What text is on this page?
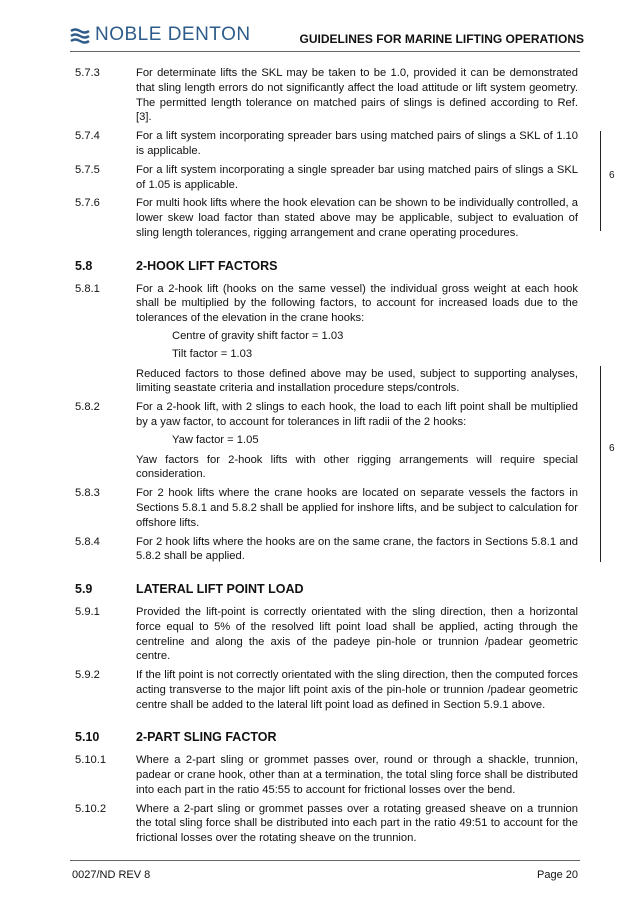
NOBLE DENTON	GUIDELINES FOR MARINE LIFTING OPERATIONS
5.7.3	For determinate lifts the SKL may be taken to be 1.0, provided it can be demonstrated that sling length errors do not significantly affect the load attitude or lift system geometry. The permitted length tolerance on matched pairs of slings is defined according to Ref. [3].
5.7.4	For a lift system incorporating spreader bars using matched pairs of slings a SKL of 1.10 is applicable.
5.7.5	For a lift system incorporating a single spreader bar using matched pairs of slings a SKL of 1.05 is applicable.
5.7.6	For multi hook lifts where the hook elevation can be shown to be individually controlled, a lower skew load factor than stated above may be applicable, subject to evaluation of sling length tolerances, rigging arrangement and crane operating procedures.
5.8	2-HOOK LIFT FACTORS
5.8.1	For a 2-hook lift (hooks on the same vessel) the individual gross weight at each hook shall be multiplied by the following factors, to account for increased loads due to the tolerances of the elevation in the crane hooks:
Centre of gravity shift factor = 1.03
Tilt factor = 1.03
Reduced factors to those defined above may be used, subject to supporting analyses, limiting seastate criteria and installation procedure steps/controls.
5.8.2	For a 2-hook lift, with 2 slings to each hook, the load to each lift point shall be multiplied by a yaw factor, to account for tolerances in lift radii of the 2 hooks:
Yaw factor = 1.05
Yaw factors for 2-hook lifts with other rigging arrangements will require special consideration.
5.8.3	For 2 hook lifts where the crane hooks are located on separate vessels the factors in Sections 5.8.1 and 5.8.2 shall be applied for inshore lifts, and be subject to calculation for offshore lifts.
5.8.4	For 2 hook lifts where the hooks are on the same crane, the factors in Sections 5.8.1 and 5.8.2 shall be applied.
5.9	LATERAL LIFT POINT LOAD
5.9.1	Provided the lift-point is correctly orientated with the sling direction, then a horizontal force equal to 5% of the resolved lift point load shall be applied, acting through the centreline and along the axis of the padeye pin-hole or trunnion /padear geometric centre.
5.9.2	If the lift point is not correctly orientated with the sling direction, then the computed forces acting transverse to the major lift point axis of the pin-hole or trunnion /padear geometric centre shall be added to the lateral lift point load as defined in Section 5.9.1 above.
5.10	2-PART SLING FACTOR
5.10.1	Where a 2-part sling or grommet passes over, round or through a shackle, trunnion, padear or crane hook, other than at a termination, the total sling force shall be distributed into each part in the ratio 45:55 to account for frictional losses over the bend.
5.10.2	Where a 2-part sling or grommet passes over a rotating greased sheave on a trunnion the total sling force shall be distributed into each part in the ratio 49:51 to account for the frictional losses over the rotating sheave on the trunnion.
6
6
0027/ND REV 8	Page 20
